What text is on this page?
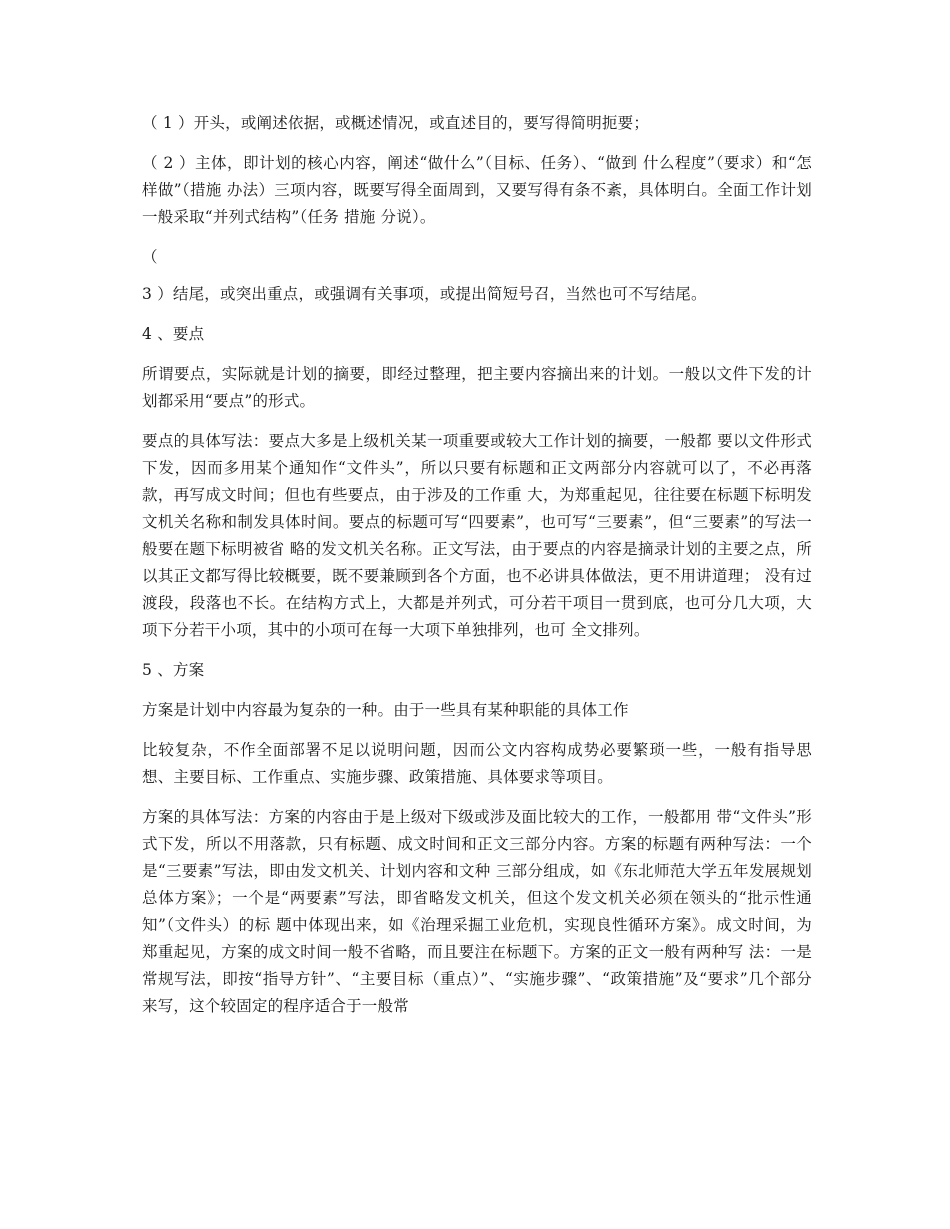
（ 1 ）开头，或阐述依据，或概述情况，或直述目的，要写得简明扼要；

（ 2 ）主体，即计划的核心内容，阐述“做什么”（目标、任务）、“做到 什么程度”（要求）和“怎样做”（措施 办法）三项内容，既要写得全面周到，又要写得有条不紊，具体明白。全面工作计划一般采取“并列式结构”（任务 措施 分说）。

（

3 ）结尾，或突出重点，或强调有关事项，或提出简短号召，当然也可不写结尾。

4 、要点

所谓要点，实际就是计划的摘要，即经过整理，把主要内容摘出来的计划。一般以文件下发的计划都采用“要点”的形式。

要点的具体写法：要点大多是上级机关某一项重要或较大工作计划的摘要，一般都 要以文件形式下发，因而多用某个通知作“文件头”，所以只要有标题和正文两部分内容就可以了，不必再落款，再写成文时间；但也有些要点，由于涉及的工作重 大，为郑重起见，往往要在标题下标明发文机关名称和制发具体时间。要点的标题可写“四要素”，也可写“三要素”，但“三要素”的写法一般要在题下标明被省 略的发文机关名称。正文写法，由于要点的内容是摘录计划的主要之点，所以其正文都写得比较概要，既不要兼顾到各个方面，也不必讲具体做法，更不用讲道理； 没有过渡段，段落也不长。在结构方式上，大都是并列式，可分若干项目一贯到底，也可分几大项，大项下分若干小项，其中的小项可在每一大项下单独排列，也可 全文排列。

5 、方案

方案是计划中内容最为复杂的一种。由于一些具有某种职能的具体工作

比较复杂，不作全面部署不足以说明问题，因而公文内容构成势必要繁琐一些，一般有指导思想、主要目标、工作重点、实施步骤、政策措施、具体要求等项目。

方案的具体写法：方案的内容由于是上级对下级或涉及面比较大的工作，一般都用 带“文件头”形式下发，所以不用落款，只有标题、成文时间和正文三部分内容。方案的标题有两种写法：一个是“三要素”写法，即由发文机关、计划内容和文种 三部分组成，如《东北师范大学五年发展规划总体方案》；一个是“两要素”写法，即省略发文机关，但这个发文机关必须在领头的“批示性通知”（文件头）的标 题中体现出来，如《治理采掘工业危机，实现良性循环方案》。成文时间，为郑重起见，方案的成文时间一般不省略，而且要注在标题下。方案的正文一般有两种写 法：一是常规写法，即按“指导方针”、“主要目标（重点）”、“实施步骤”、“政策措施”及“要求”几个部分来写，这个较固定的程序适合于一般常
